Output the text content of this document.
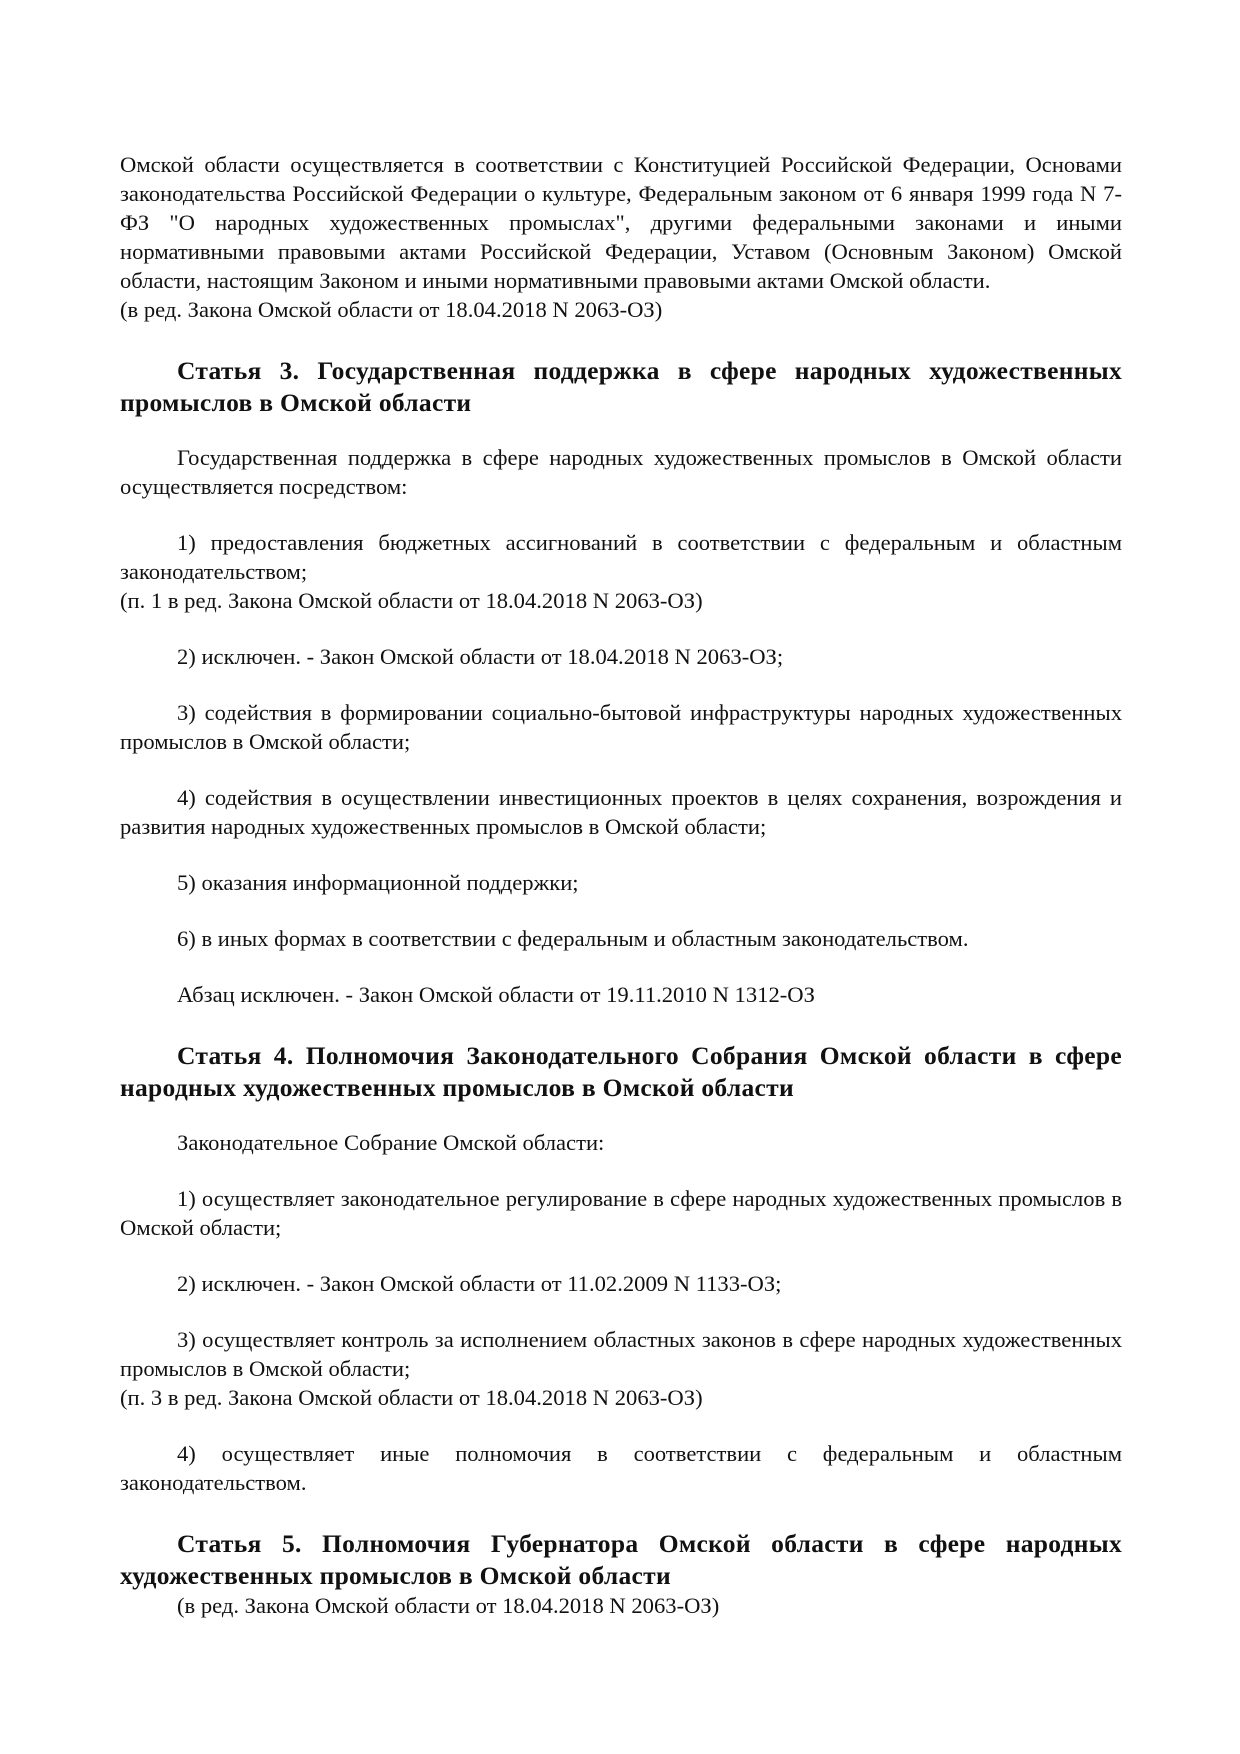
Омской области осуществляется в соответствии с Конституцией Российской Федерации, Основами законодательства Российской Федерации о культуре, Федеральным законом от 6 января 1999 года N 7-ФЗ "О народных художественных промыслах", другими федеральными законами и иными нормативными правовыми актами Российской Федерации, Уставом (Основным Законом) Омской области, настоящим Законом и иными нормативными правовыми актами Омской области.

(в ред. Закона Омской области от 18.04.2018 N 2063-ОЗ)

Статья 3. Государственная поддержка в сфере народных художественных промыслов в Омской области

Государственная поддержка в сфере народных художественных промыслов в Омской области осуществляется посредством:

1) предоставления бюджетных ассигнований в соответствии с федеральным и областным законодательством;

(п. 1 в ред. Закона Омской области от 18.04.2018 N 2063-ОЗ)

2) исключен. - Закон Омской области от 18.04.2018 N 2063-ОЗ;

3) содействия в формировании социально-бытовой инфраструктуры народных художественных промыслов в Омской области;

4) содействия в осуществлении инвестиционных проектов в целях сохранения, возрождения и развития народных художественных промыслов в Омской области;

5) оказания информационной поддержки;

6) в иных формах в соответствии с федеральным и областным законодательством.

Абзац исключен. - Закон Омской области от 19.11.2010 N 1312-ОЗ

Статья 4. Полномочия Законодательного Собрания Омской области в сфере народных художественных промыслов в Омской области

Законодательное Собрание Омской области:

1) осуществляет законодательное регулирование в сфере народных художественных промыслов в Омской области;

2) исключен. - Закон Омской области от 11.02.2009 N 1133-ОЗ;

3) осуществляет контроль за исполнением областных законов в сфере народных художественных промыслов в Омской области;

(п. 3 в ред. Закона Омской области от 18.04.2018 N 2063-ОЗ)

4) осуществляет иные полномочия в соответствии с федеральным и областным законодательством.

Статья 5. Полномочия Губернатора Омской области в сфере народных художественных промыслов в Омской области

(в ред. Закона Омской области от 18.04.2018 N 2063-ОЗ)
